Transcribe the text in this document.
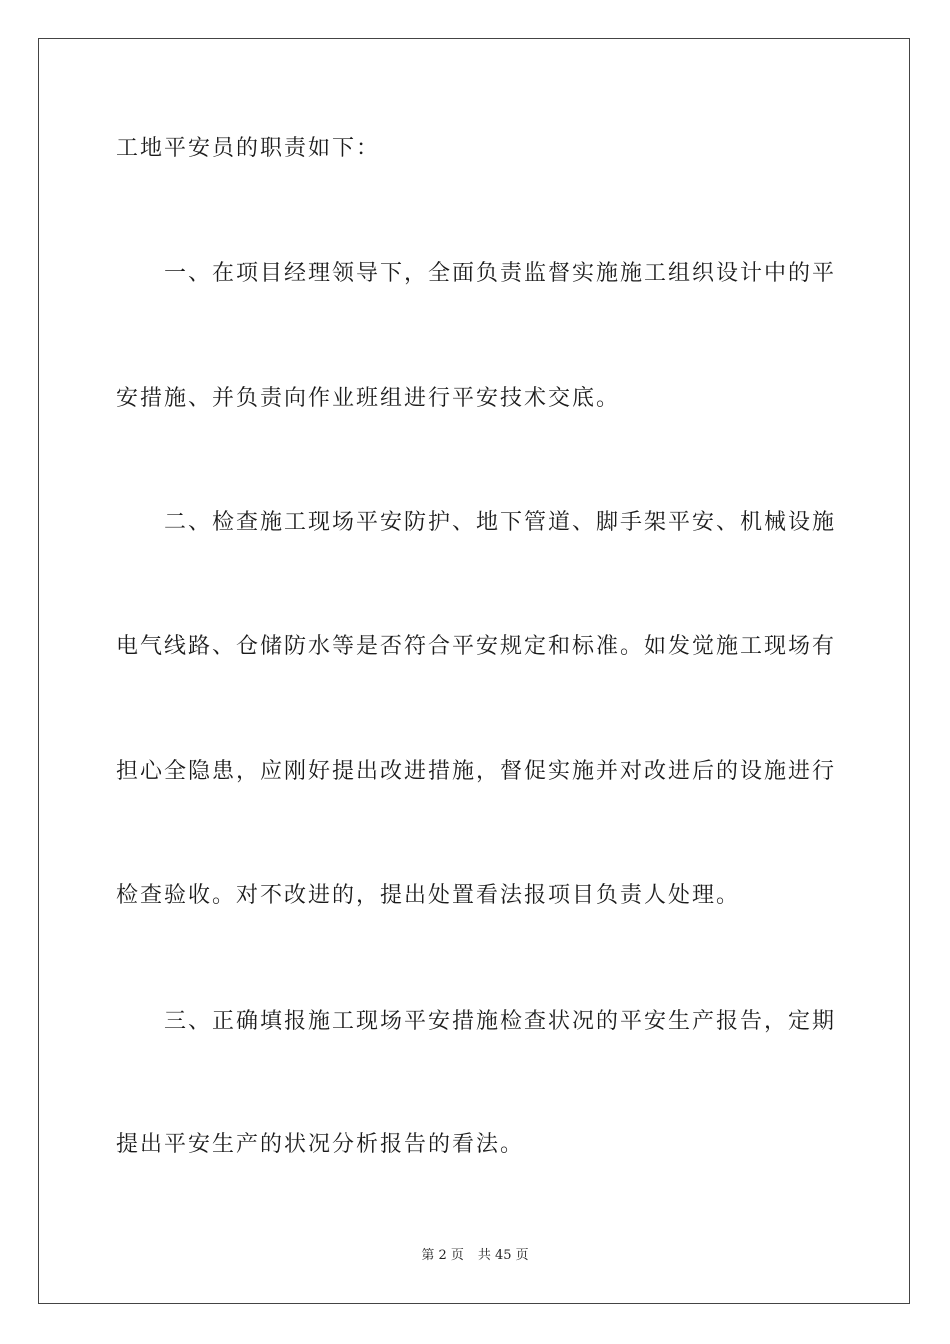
工地平安员的职责如下：
一、在项目经理领导下，全面负责监督实施施工组织设计中的平
安措施、并负责向作业班组进行平安技术交底。
二、检查施工现场平安防护、地下管道、脚手架平安、机械设施
电气线路、仓储防水等是否符合平安规定和标准。如发觉施工现场有
担心全隐患，应刚好提出改进措施，督促实施并对改进后的设施进行
检查验收。对不改进的，提出处置看法报项目负责人处理。
三、正确填报施工现场平安措施检查状况的平安生产报告，定期
提出平安生产的状况分析报告的看法。
第 2 页 共 45 页
